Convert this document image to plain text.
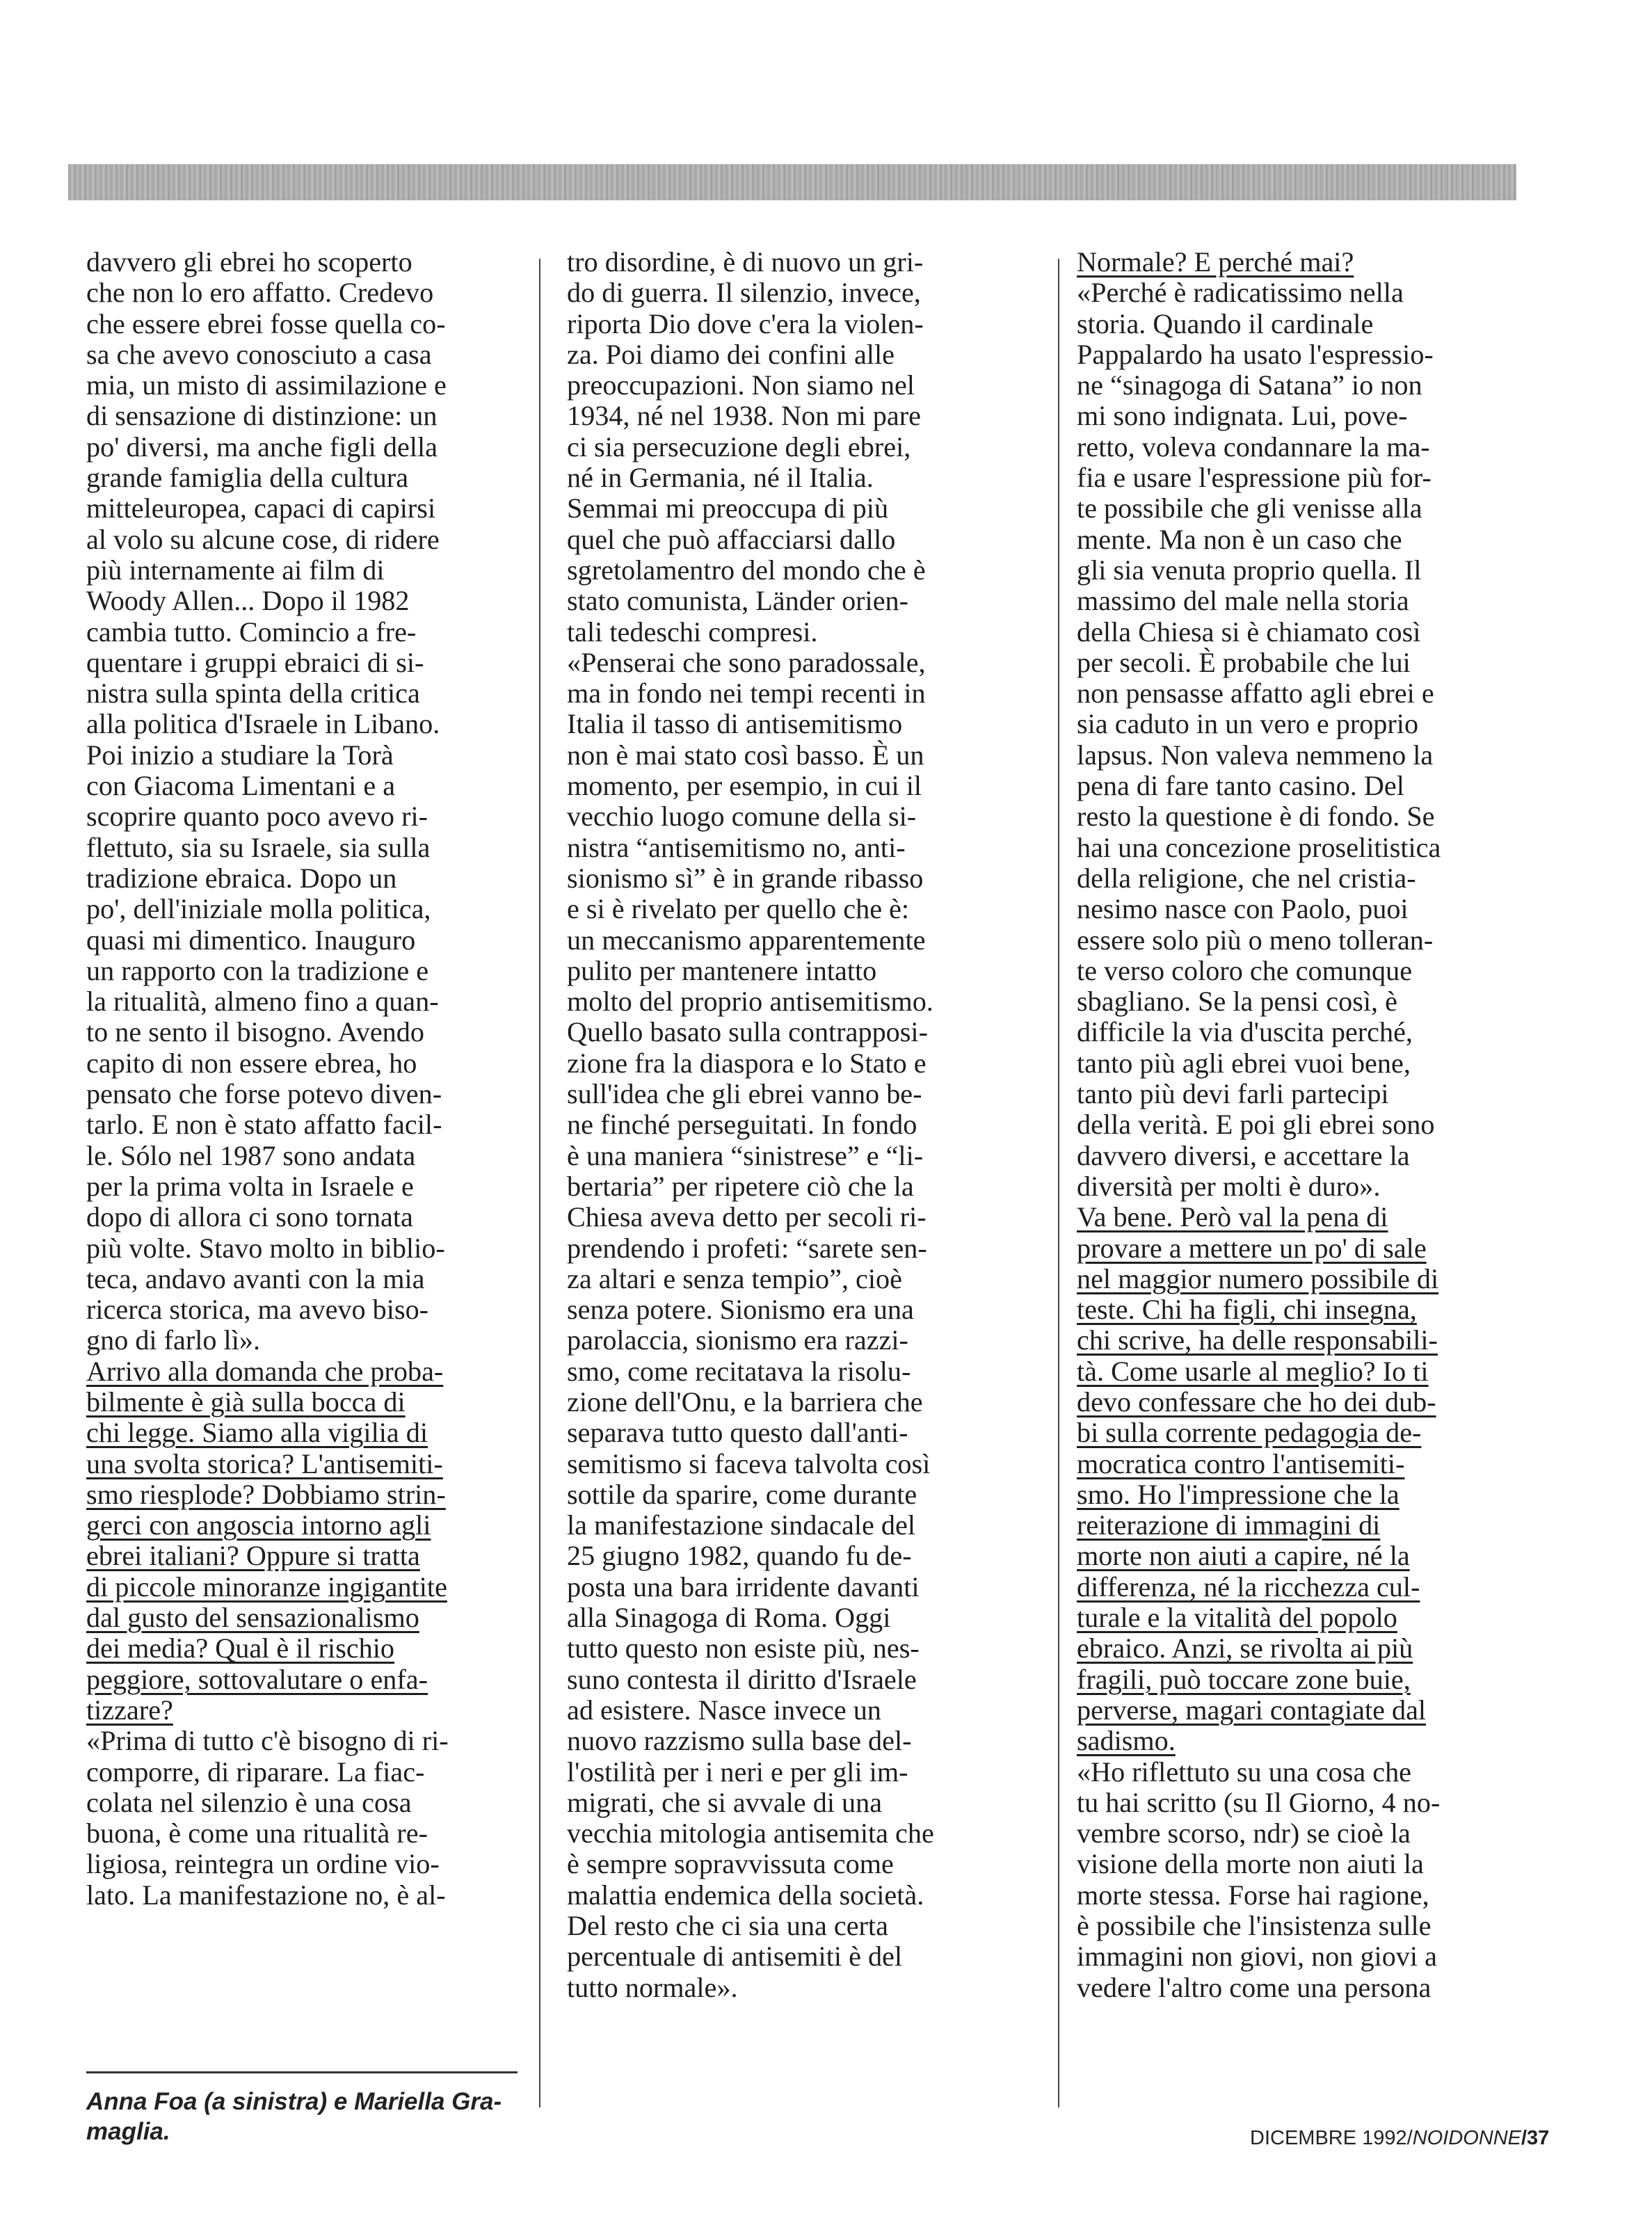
davvero gli ebrei ho scoperto

che non lo ero affatto. Credevo

che essere ebrei fosse quella co-

sa che avevo conosciuto a casa

mia, un misto di assimilazione e

di sensazione di distinzione: un

po' diversi, ma anche figli della

grande famiglia della cultura

mitteleuropea, capaci di capirsi

al volo su alcune cose, di ridere

più internamente ai film di

Woody Allen... Dopo il 1982

cambia tutto. Comincio a fre-

quentare i gruppi ebraici di si-

nistra sulla spinta della critica

alla politica d'Israele in Libano.

Poi inizio a studiare la Torà

con Giacoma Limentani e a

scoprire quanto poco avevo ri-

flettuto, sia su Israele, sia sulla

tradizione ebraica. Dopo un

po', dell'iniziale molla politica,

quasi mi dimentico. Inauguro

un rapporto con la tradizione e

la ritualità, almeno fino a quan-

to ne sento il bisogno. Avendo

capito di non essere ebrea, ho

pensato che forse potevo diven-

tarlo. E non è stato affatto facil-

le. Sólo nel 1987 sono andata

per la prima volta in Israele e

dopo di allora ci sono tornata

più volte. Stavo molto in biblio-

teca, andavo avanti con la mia

ricerca storica, ma avevo biso-

gno di farlo lì».

Arrivo alla domanda che proba-

bilmente è già sulla bocca di

chi legge. Siamo alla vigilia di

una svolta storica? L'antisemiti-

smo riesplode? Dobbiamo strin-

gerci con angoscia intorno agli

ebrei italiani? Oppure si tratta

di piccole minoranze ingigantite

dal gusto del sensazionalismo

dei media? Qual è il rischio

peggiore, sottovalutare o enfa-

tizzare?

«Prima di tutto c'è bisogno di ri-

comporre, di riparare. La fiac-

colata nel silenzio è una cosa

buona, è come una ritualità re-

ligiosa, reintegra un ordine vio-

lato. La manifestazione no, è al-

tro disordine, è di nuovo un gri-

do di guerra. Il silenzio, invece,

riporta Dio dove c'era la violen-

za. Poi diamo dei confini alle

preoccupazioni. Non siamo nel

1934, né nel 1938. Non mi pare

ci sia persecuzione degli ebrei,

né in Germania, né il Italia.

Semmai mi preoccupa di più

quel che può affacciarsi dallo

sgretolamentro del mondo che è

stato comunista, Länder orien-

tali tedeschi compresi.

«Penserai che sono paradossale,

ma in fondo nei tempi recenti in

Italia il tasso di antisemitismo

non è mai stato così basso. È un

momento, per esempio, in cui il

vecchio luogo comune della si-

nistra “antisemitismo no, anti-

sionismo sì” è in grande ribasso

e si è rivelato per quello che è:

un meccanismo apparentemente

pulito per mantenere intatto

molto del proprio antisemitismo.

Quello basato sulla contrapposi-

zione fra la diaspora e lo Stato e

sull'idea che gli ebrei vanno be-

ne finché perseguitati. In fondo

è una maniera “sinistrese” e “li-

bertaria” per ripetere ciò che la

Chiesa aveva detto per secoli ri-

prendendo i profeti: “sarete sen-

za altari e senza tempio”, cioè

senza potere. Sionismo era una

parolaccia, sionismo era razzi-

smo, come recitatava la risolu-

zione dell'Onu, e la barriera che

separava tutto questo dall'anti-

semitismo si faceva talvolta così

sottile da sparire, come durante

la manifestazione sindacale del

25 giugno 1982, quando fu de-

posta una bara irridente davanti

alla Sinagoga di Roma. Oggi

tutto questo non esiste più, nes-

suno contesta il diritto d'Israele

ad esistere. Nasce invece un

nuovo razzismo sulla base del-

l'ostilità per i neri e per gli im-

migrati, che si avvale di una

vecchia mitologia antisemita che

è sempre sopravvissuta come

malattia endemica della società.

Del resto che ci sia una certa

percentuale di antisemiti è del

tutto normale».

Normale? E perché mai?

«Perché è radicatissimo nella

storia. Quando il cardinale

Pappalardo ha usato l'espressio-

ne “sinagoga di Satana” io non

mi sono indignata. Lui, pove-

retto, voleva condannare la ma-

fia e usare l'espressione più for-

te possibile che gli venisse alla

mente. Ma non è un caso che

gli sia venuta proprio quella. Il

massimo del male nella storia

della Chiesa si è chiamato così

per secoli. È probabile che lui

non pensasse affatto agli ebrei e

sia caduto in un vero e proprio

lapsus. Non valeva nemmeno la

pena di fare tanto casino. Del

resto la questione è di fondo. Se

hai una concezione proselitistica

della religione, che nel cristia-

nesimo nasce con Paolo, puoi

essere solo più o meno tolleran-

te verso coloro che comunque

sbagliano. Se la pensi così, è

difficile la via d'uscita perché,

tanto più agli ebrei vuoi bene,

tanto più devi farli partecipi

della verità. E poi gli ebrei sono

davvero diversi, e accettare la

diversità per molti è duro».

Va bene. Però val la pena di

provare a mettere un po' di sale

nel maggior numero possibile di

teste. Chi ha figli, chi insegna,

chi scrive, ha delle responsabili-

tà. Come usarle al meglio? Io ti

devo confessare che ho dei dub-

bi sulla corrente pedagogia de-

mocratica contro l'antisemiti-

smo. Ho l'impressione che la

reiterazione di immagini di

morte non aiuti a capire, né la

differenza, né la ricchezza cul-

turale e la vitalità del popolo

ebraico. Anzi, se rivolta ai più

fragili, può toccare zone buie,

perverse, magari contagiate dal

sadismo.

«Ho riflettuto su una cosa che

tu hai scritto (su Il Giorno, 4 no-

vembre scorso, ndr) se cioè la

visione della morte non aiuti la

morte stessa. Forse hai ragione,

è possibile che l'insistenza sulle

immagini non giovi, non giovi a

vedere l'altro come una persona

Anna Foa (a sinistra) e Mariella Gra-

maglia.	DICEMBRE 1992/NOIDONNE/37
